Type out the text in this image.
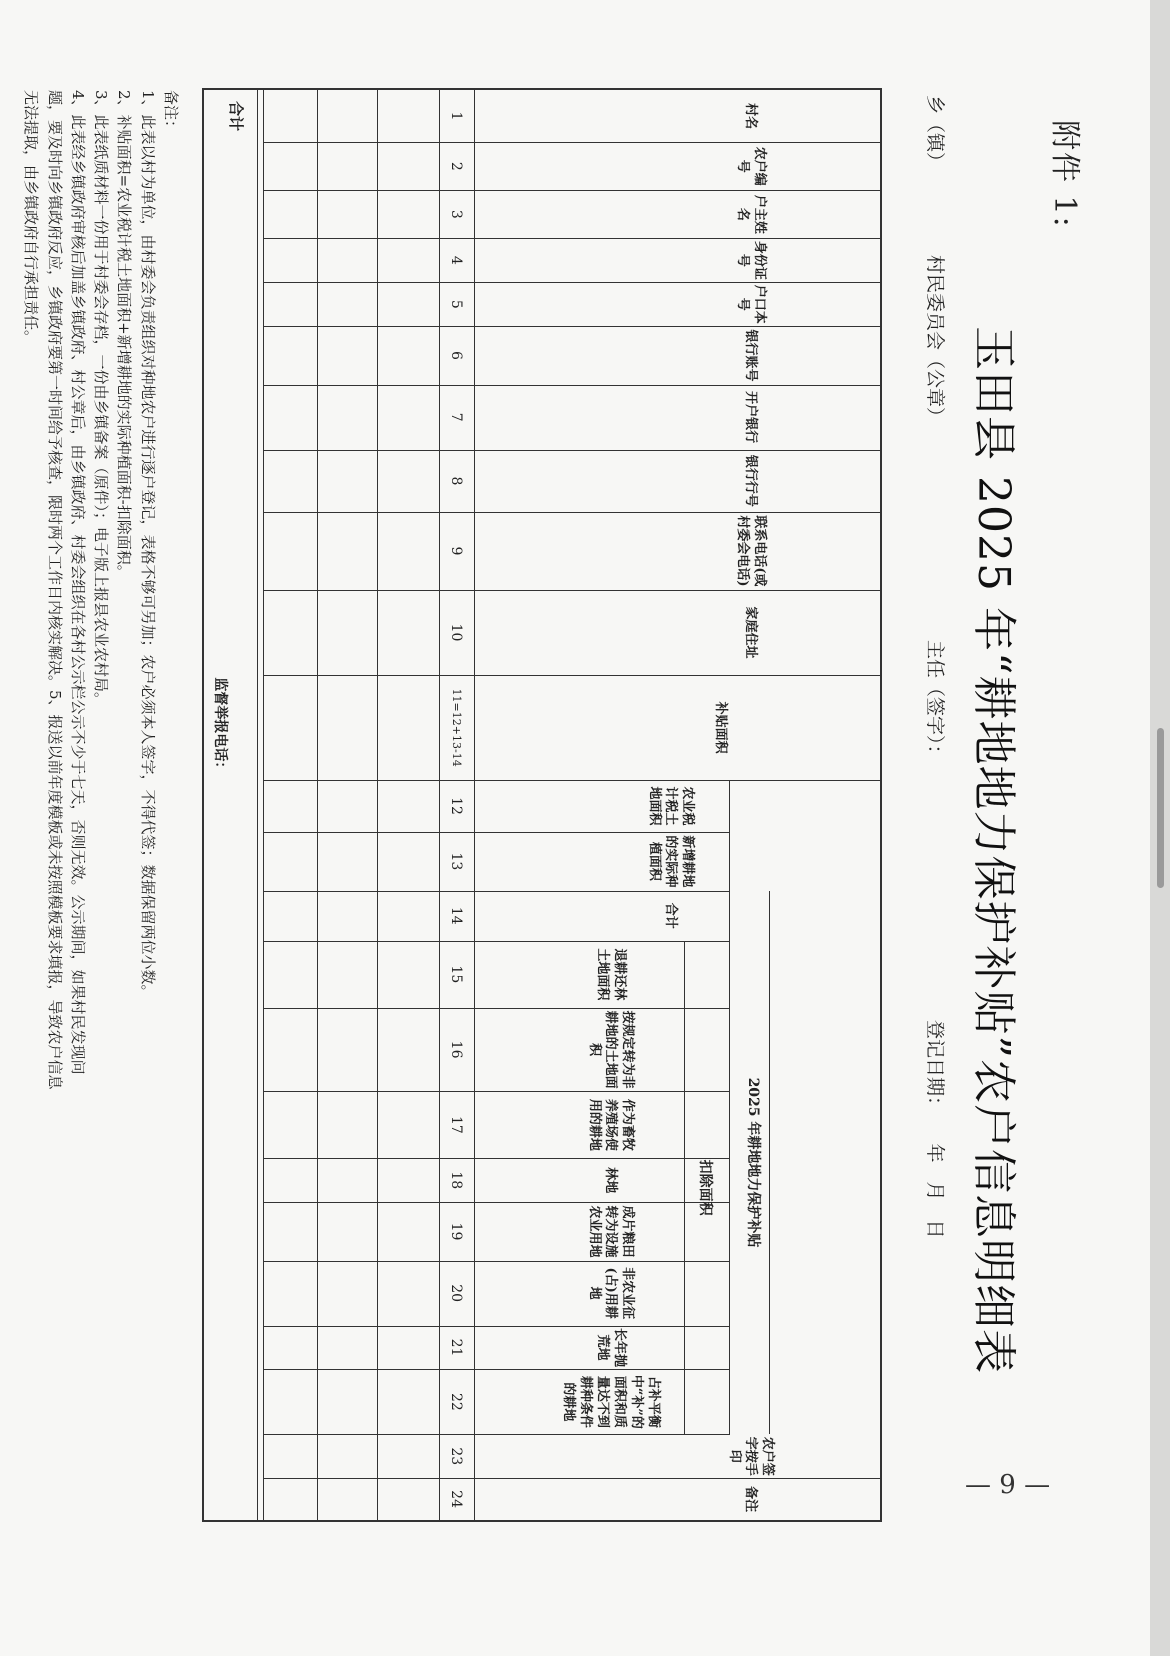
附件 1:
玉田县 2025 年“耕地地力保护补贴”农户信息明细表
乡（镇）
村民委员会（公章）
主任（签字）：
登记日期：　　年　月　日
2025 年耕地地力保护补贴
扣除面积
村名
1
农户编号
2
户主姓名
3
身份证号
4
户口本号
5
银行账号
6
开户银行
7
银行行号
8
联系电话(或村委会电话)
9
家庭住址
10
补贴面积
11=12+13-14
农业税计税土地面积
12
新增耕地的实际种植面积
13
合计
14
退耕还林土地面积
15
按规定转为非耕地的土地面积
16
作为畜牧养殖场使用的耕地
17
林地
18
成片粮田转为设施农业用地
19
非农业征(占)用耕地
20
长年抛荒地
21
占补平衡中“补”的面积和质量达不到耕种条件的耕地
22
农户签字按手印
23
备注
24
合计
监督举报电话：
备注：
1、此表以村为单位，由村委会负责组织对种地农户进行逐户登记，表格不够可另加；农户必须本人签字，不得代签；数据保留两位小数。
2、补贴面积=农业税计税土地面积+新增耕地的实际种植面积-扣除面积。
3、此表纸质材料一份用于村委会存档，一份由乡镇备案（原件）；电子版上报县农业农村局。
4、此表经乡镇政府审核后加盖乡镇政府、村公章后，由乡镇政府、村委会组织在各村公示栏公示不少于七天，否则无效。公示期间，如果村民发现问
题，要及时向乡镇政府反应，乡镇政府要第一时间给予核查，限时两个工作日内核实解决。5、报送以前年度模板或未按照模板要求填报，导致农户信息
无法提取，由乡镇政府自行承担责任。
— 9 —
